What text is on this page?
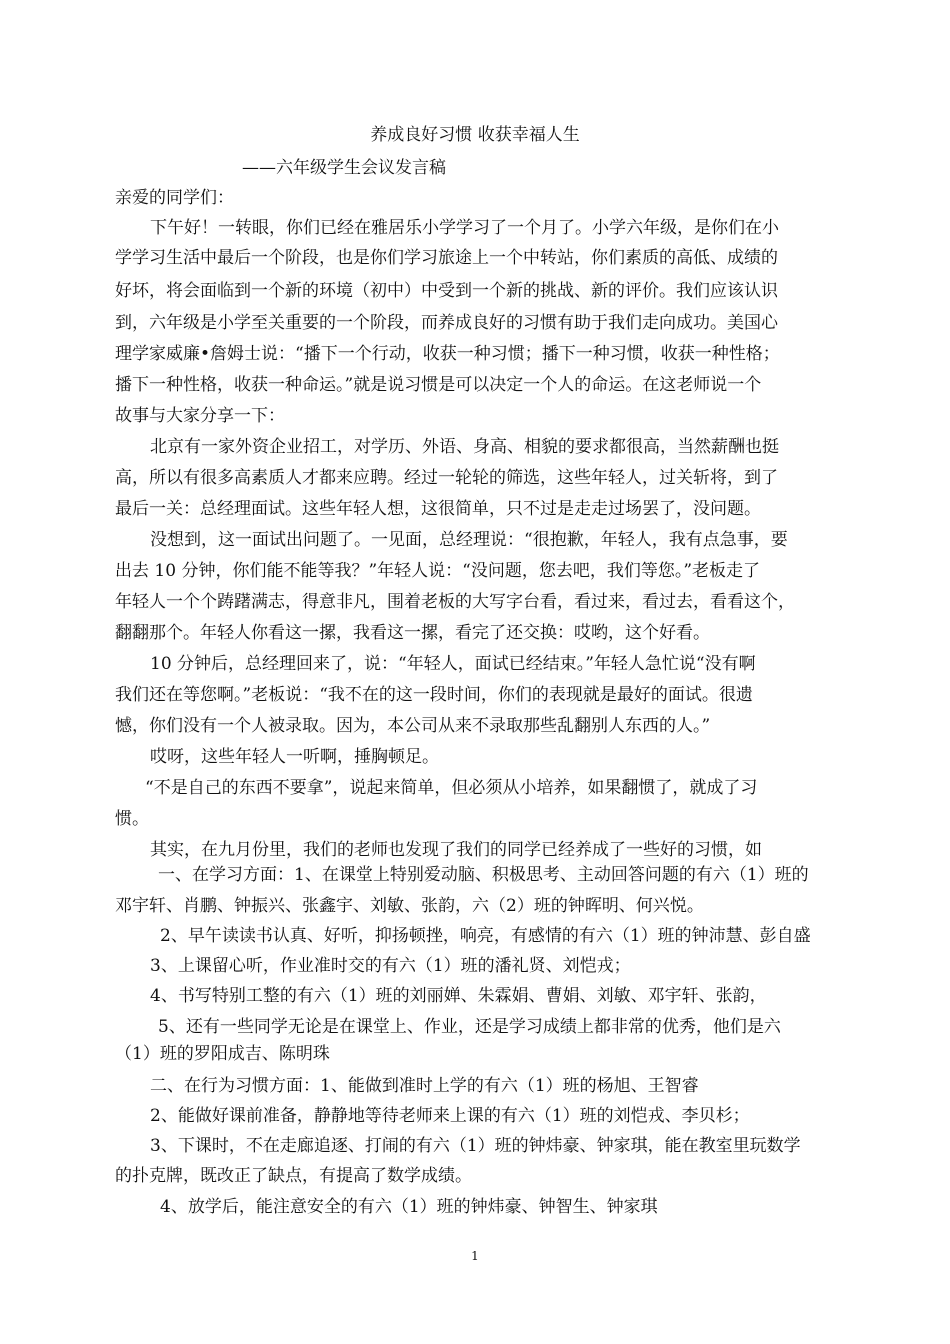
养成良好习惯 收获幸福人生
——六年级学生会议发言稿
亲爱的同学们：
下午好！一转眼，你们已经在雅居乐小学学习了一个月了。小学六年级，是你们在小
学学习生活中最后一个阶段，也是你们学习旅途上一个中转站，你们素质的高低、成绩的
好坏，将会面临到一个新的环境（初中）中受到一个新的挑战、新的评价。我们应该认识
到，六年级是小学至关重要的一个阶段，而养成良好的习惯有助于我们走向成功。美国心
理学家威廉•詹姆士说：“播下一个行动，收获一种习惯；播下一种习惯，收获一种性格；
播下一种性格，收获一种命运。”就是说习惯是可以决定一个人的命运。在这老师说一个
故事与大家分享一下：
北京有一家外资企业招工，对学历、外语、身高、相貌的要求都很高，当然薪酬也挺
高，所以有很多高素质人才都来应聘。经过一轮轮的筛选，这些年轻人，过关斩将，到了
最后一关：总经理面试。这些年轻人想，这很简单，只不过是走走过场罢了，没问题。
没想到，这一面试出问题了。一见面，总经理说：“很抱歉，年轻人，我有点急事，要
出去 10 分钟，你们能不能等我？”年轻人说：“没问题，您去吧，我们等您。”老板走了
年轻人一个个踌躇满志，得意非凡，围着老板的大写字台看，看过来，看过去，看看这个，
翻翻那个。年轻人你看这一摞，我看这一摞，看完了还交换：哎哟，这个好看。
10 分钟后，总经理回来了，说：“年轻人，面试已经结束。”年轻人急忙说“没有啊
我们还在等您啊。”老板说：“我不在的这一段时间，你们的表现就是最好的面试。很遗
憾，你们没有一个人被录取。因为，本公司从来不录取那些乱翻别人东西的人。”
哎呀，这些年轻人一听啊，捶胸顿足。
“不是自己的东西不要拿”，说起来简单，但必须从小培养，如果翻惯了，就成了习
惯。
其实，在九月份里，我们的老师也发现了我们的同学已经养成了一些好的习惯，如
一、在学习方面：1、在课堂上特别爱动脑、积极思考、主动回答问题的有六（1）班的
邓宇轩、肖鹏、钟振兴、张鑫宇、刘敏、张韵，六（2）班的钟晖明、何兴悦。
2、早午读读书认真、好听，抑扬顿挫，响亮，有感情的有六（1）班的钟沛慧、彭自盛
3、上课留心听，作业准时交的有六（1）班的潘礼贤、刘恺戎；
4、书写特别工整的有六（1）班的刘丽婵、朱霖娟、曹娟、刘敏、邓宇轩、张韵，
5、还有一些同学无论是在课堂上、作业，还是学习成绩上都非常的优秀，他们是六
（1）班的罗阳成吉、陈明珠
二、在行为习惯方面：1、能做到准时上学的有六（1）班的杨旭、王智睿
2、能做好课前准备，静静地等待老师来上课的有六（1）班的刘恺戎、李贝杉；
3、下课时，不在走廊追逐、打闹的有六（1）班的钟炜豪、钟家琪，能在教室里玩数学
的扑克牌，既改正了缺点，有提高了数学成绩。
4、放学后，能注意安全的有六（1）班的钟炜豪、钟智生、钟家琪
1
